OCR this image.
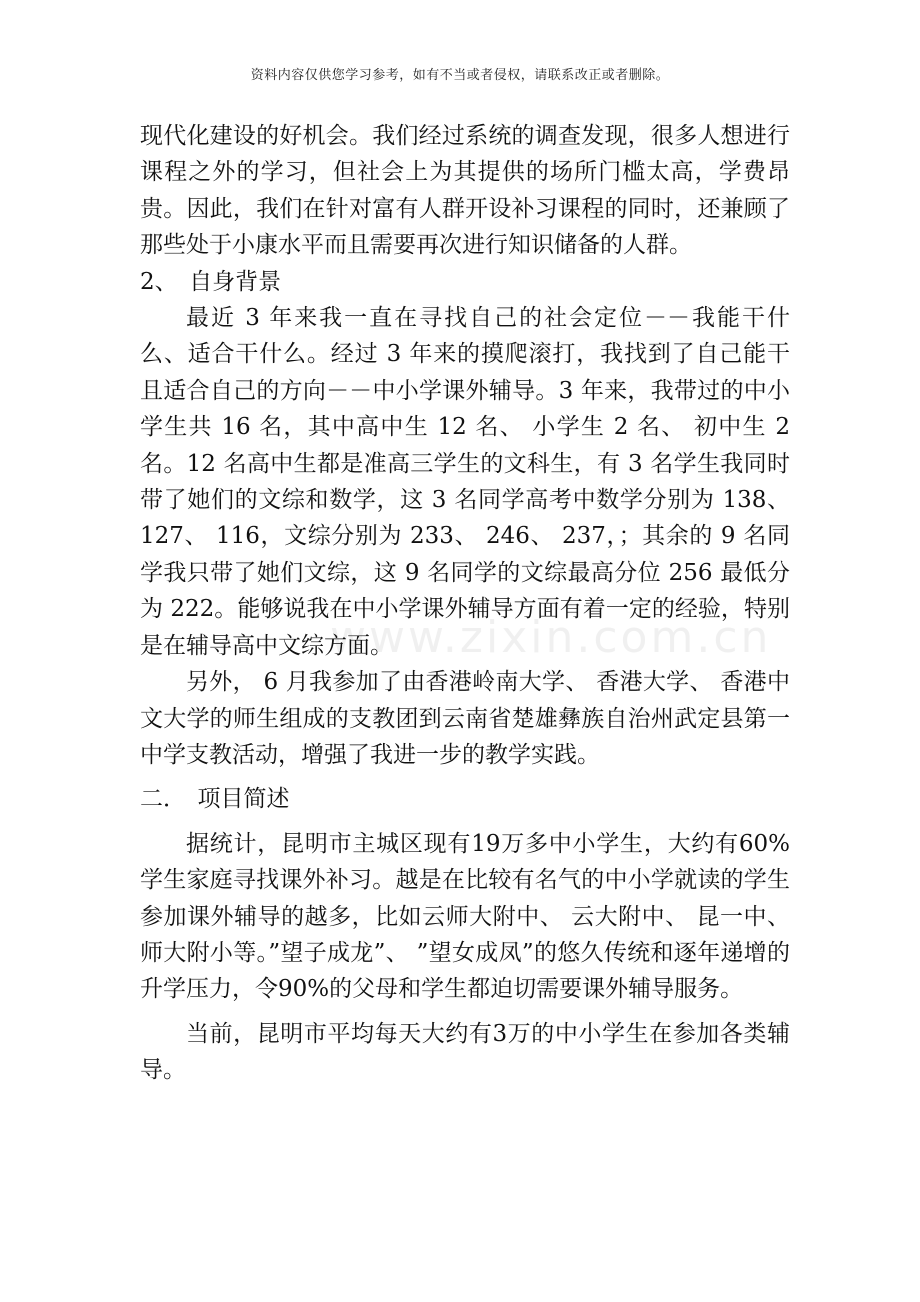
资料内容仅供您学习参考，如有不当或者侵权，请联系改正或者删除。
www.zixin.com.cn

现代化建设的好机会。我们经过系统的调查发现，很多人想进行课程之外的学习，但社会上为其提供的场所门槛太高，学费昂贵。因此，我们在针对富有人群开设补习课程的同时，还兼顾了那些处于小康水平而且需要再次进行知识储备的人群。

2、　自身背景

最近 3 年来我一直在寻找自己的社会定位－－我能干什么、适合干什么。经过 3 年来的摸爬滚打，我找到了自己能干且适合自己的方向－－中小学课外辅导。3 年来，我带过的中小学生共 16 名，其中高中生 12 名、 小学生 2 名、 初中生 2 名。12 名高中生都是准高三学生的文科生，有 3 名学生我同时带了她们的文综和数学，这 3 名同学高考中数学分别为 138、 127、 116，文综分别为 233、 246、 237，；其余的 9 名同学我只带了她们文综，这 9 名同学的文综最高分位 256 最低分为 222。能够说我在中小学课外辅导方面有着一定的经验，特别是在辅导高中文综方面。

另外， 6 月我参加了由香港岭南大学、 香港大学、 香港中文大学的师生组成的支教团到云南省楚雄彝族自治州武定县第一中学支教活动，增强了我进一步的教学实践。

二．　项目简述

据统计，昆明市主城区现有19万多中小学生，大约有60%学生家庭寻找课外补习。越是在比较有名气的中小学就读的学生参加课外辅导的越多，比如云师大附中、 云大附中、 昆一中、 师大附小等。”望子成龙”、 ”望女成凤”的悠久传统和逐年递增的升学压力，令90%的父母和学生都迫切需要课外辅导服务。

当前，昆明市平均每天大约有3万的中小学生在参加各类辅导。
